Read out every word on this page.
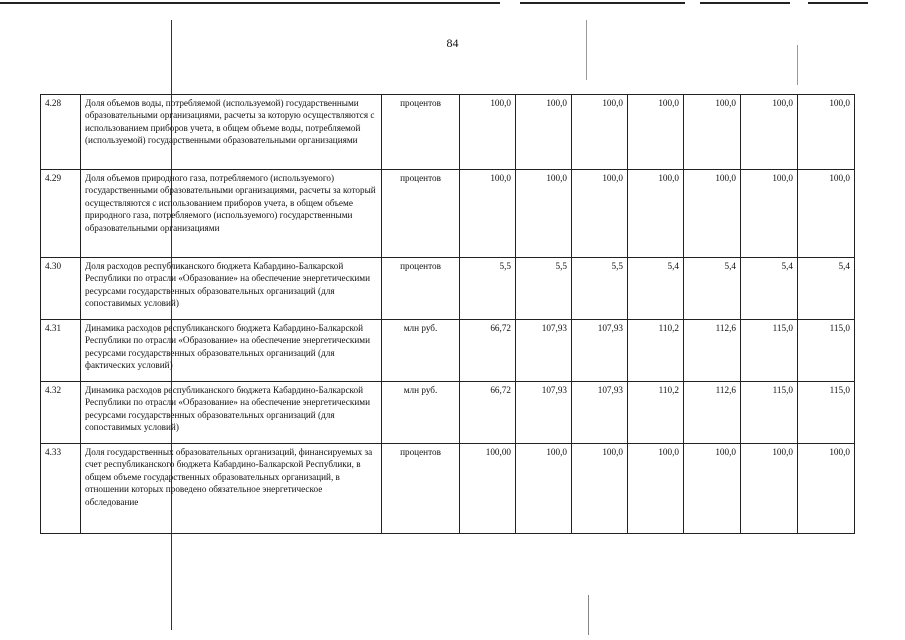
84
4.28	Доля объемов воды, потребляемой (используемой) государственными образовательными организациями, расчеты за которую осуществляются с использованием приборов учета, в общем объеме воды, потребляемой (используемой) государственными образовательными организациями	процентов	100,0	100,0	100,0	100,0	100,0	100,0	100,0
4.29	Доля объемов природного газа, потребляемого (используемого) государственными образовательными организациями, расчеты за который осуществляются с использованием приборов учета, в общем объеме природного газа, потребляемого (используемого) государственными образовательными организациями	процентов	100,0	100,0	100,0	100,0	100,0	100,0	100,0
4.30	Доля расходов республиканского бюджета Кабардино-Балкарской Республики по отрасли «Образование» на обеспечение энергетическими ресурсами государственных образовательных организаций (для сопоставимых условий)	процентов	5,5	5,5	5,5	5,4	5,4	5,4	5,4
4.31	Динамика расходов республиканского бюджета Кабардино-Балкарской Республики по отрасли «Образование» на обеспечение энергетическими ресурсами государственных образовательных организаций (для фактических условий)	млн руб.	66,72	107,93	107,93	110,2	112,6	115,0	115,0
4.32	Динамика расходов республиканского бюджета Кабардино-Балкарской Республики по отрасли «Образование» на обеспечение энергетическими ресурсами государственных образовательных организаций (для сопоставимых условий)	млн руб.	66,72	107,93	107,93	110,2	112,6	115,0	115,0
4.33	Доля государственных образовательных организаций, финансируемых за счет республиканского бюджета Кабардино-Балкарской Республики, в общем объеме государственных образовательных организаций, в отношении которых проведено обязательное энергетическое обследование	процентов	100,00	100,0	100,0	100,0	100,0	100,0	100,0
